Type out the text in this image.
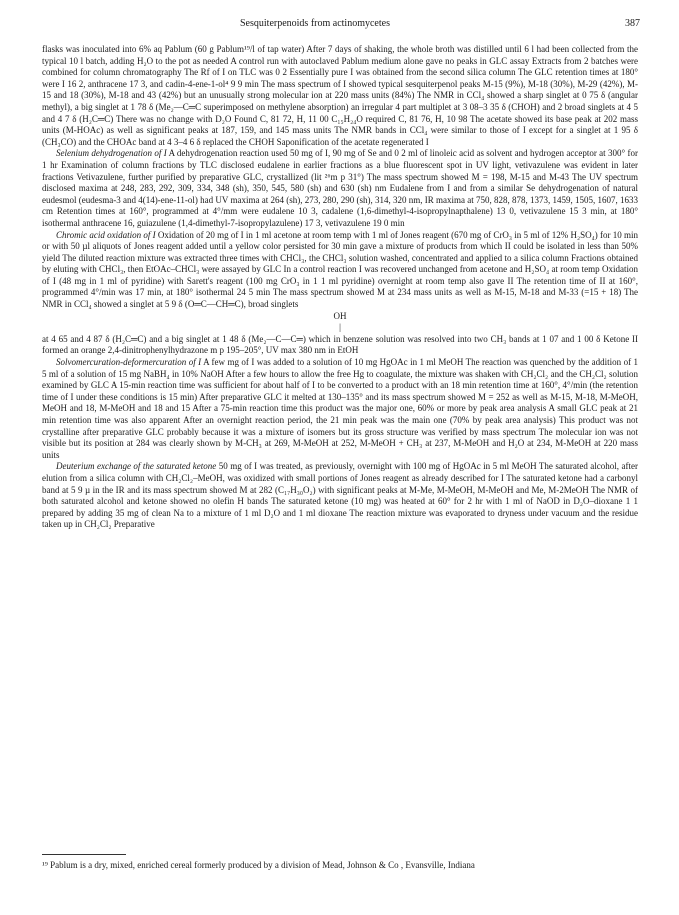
Sesquiterpenoids from actinomycetes	387

flasks was inoculated into 6% aq Pablum (60 g Pablum¹⁹/l of tap water) After 7 days of shaking, the whole broth was distilled until 6 l had been collected from the typical 10 l batch, adding H₂O to the pot as needed A control run with autoclaved Pablum medium alone gave no peaks in GLC assay Extracts from 2 batches were combined for column chromatography The Rf of I on TLC was 0 2 Essentially pure I was obtained from the second silica column The GLC retention times at 180° were I 16 2, anthracene 17 3, and cadin-4-ene-1-ol⁴ 9 9 min The mass spectrum of I showed typical sesquiterpenol peaks M-15 (9%), M-18 (30%), M-29 (42%), M-15 and 18 (30%), M-18 and 43 (42%) but an unusually strong molecular ion at 220 mass units (84%) The NMR in CCl₄ showed a sharp singlet at 0 75 δ (angular methyl), a big singlet at 1 78 δ (Me₂—C═C superimposed on methylene absorption) an irregular 4 part multiplet at 3 08–3 35 δ (CHOH) and 2 broad singlets at 4 5 and 4 7 δ (H₂C═C) There was no change with D₂O Found C, 81 72, H, 11 00 C₁₅H₂₄O required C, 81 76, H, 10 98 The acetate showed its base peak at 202 mass units (M-HOAc) as well as significant peaks at 187, 159, and 145 mass units The NMR bands in CCl₄ were similar to those of I except for a singlet at 1 95 δ (CH₃CO) and the CHOAc band at 4 3–4 6 δ replaced the CHOH Saponification of the acetate regenerated I

Selenium dehydrogenation of I A dehydrogenation reaction used 50 mg of I, 90 mg of Se and 0 2 ml of linoleic acid as solvent and hydrogen acceptor at 300° for 1 hr Examination of column fractions by TLC disclosed eudalene in earlier fractions as a blue fluorescent spot in UV light, vetivazulene was evident in later fractions Vetivazulene, further purified by preparative GLC, crystallized (lit ²⁶m p 31°) The mass spectrum showed M = 198, M-15 and M-43 The UV spectrum disclosed maxima at 248, 283, 292, 309, 334, 348 (sh), 350, 545, 580 (sh) and 630 (sh) nm Eudalene from I and from a similar Se dehydrogenation of natural eudesmol (eudesma-3 and 4(14)-ene-11-ol) had UV maxima at 264 (sh), 273, 280, 290 (sh), 314, 320 nm, IR maxima at 750, 828, 878, 1373, 1459, 1505, 1607, 1633 cm Retention times at 160°, programmed at 4°/mm were eudalene 10 3, cadalene (1,6-dimethyl-4-isopropylnapthalene) 13 0, vetivazulene 15 3 min, at 180° isothermal anthracene 16, guiazulene (1,4-dimethyl-7-isopropylazulene) 17 3, vetivazulene 19 0 min

Chromic acid oxidation of I Oxidation of 20 mg of I in 1 ml acetone at room temp with 1 ml of Jones reagent (670 mg of CrO₃ in 5 ml of 12% H₂SO₄) for 10 min or with 50 µl aliquots of Jones reagent added until a yellow color persisted for 30 min gave a mixture of products from which II could be isolated in less than 50% yield The diluted reaction mixture was extracted three times with CHCl₃, the CHCl₃ solution washed, concentrated and applied to a silica column Fractions obtained by eluting with CHCl₃, then EtOAc–CHCl₃ were assayed by GLC In a control reaction I was recovered unchanged from acetone and H₂SO₄ at room temp Oxidation of I (48 mg in 1 ml of pyridine) with Sarett's reagent (100 mg CrO₃ in 1 1 ml pyridine) overnight at room temp also gave II The retention time of II at 160°, programmed 4°/min was 17 min, at 180° isothermal 24 5 min The mass spectrum showed M at 234 mass units as well as M-15, M-18 and M-33 (=15 + 18) The NMR in CCl₄ showed a singlet at 5 9 δ (O═C—CH═C), broad singlets

OH

|

at 4 65 and 4 87 δ (H₂C═C) and a big singlet at 1 48 δ (Me₂—C—C═) which in benzene solution was resolved into two CH₃ bands at 1 07 and 1 00 δ Ketone II formed an orange 2,4-dinitrophenylhydrazone m p 195–205°, UV max 380 nm in EtOH

Solvomercuration-deformercuration of I A few mg of I was added to a solution of 10 mg HgOAc in 1 ml MeOH The reaction was quenched by the addition of 1 5 ml of a solution of 15 mg NaBH₄ in 10% NaOH After a few hours to allow the free Hg to coagulate, the mixture was shaken with CH₂Cl₂ and the CH₂Cl₂ solution examined by GLC A 15-min reaction time was sufficient for about half of I to be converted to a product with an 18 min retention time at 160°, 4°/min (the retention time of I under these conditions is 15 min) After preparative GLC it melted at 130–135° and its mass spectrum showed M = 252 as well as M-15, M-18, M-MeOH, MeOH and 18, M-MeOH and 18 and 15 After a 75-min reaction time this product was the major one, 60% or more by peak area analysis A small GLC peak at 21 min retention time was also apparent After an overnight reaction period, the 21 min peak was the main one (70% by peak area analysis) This product was not crystalline after preparative GLC probably because it was a mixture of isomers but its gross structure was verified by mass spectrum The molecular ion was not visible but its position at 284 was clearly shown by M-CH₃ at 269, M-MeOH at 252, M-MeOH + CH₃ at 237, M-MeOH and H₂O at 234, M-MeOH at 220 mass units

Deuterium exchange of the saturated ketone 50 mg of I was treated, as previously, overnight with 100 mg of HgOAc in 5 ml MeOH The saturated alcohol, after elution from a silica column with CH₂Cl₂–MeOH, was oxidized with small portions of Jones reagent as already described for I The saturated ketone had a carbonyl band at 5 9 µ in the IR and its mass spectrum showed M at 282 (C₁₇H₃₀O₂) with significant peaks at M-Me, M-MeOH, M-MeOH and Me, M-2MeOH The NMR of both saturated alcohol and ketone showed no olefin H bands The saturated ketone (10 mg) was heated at 60° for 2 hr with 1 ml of NaOD in D₂O–dioxane 1 1 prepared by adding 35 mg of clean Na to a mixture of 1 ml D₂O and 1 ml dioxane The reaction mixture was evaporated to dryness under vacuum and the residue taken up in CH₂Cl₂ Preparative

¹⁹ Pablum is a dry, mixed, enriched cereal formerly produced by a division of Mead, Johnson & Co , Evansville, Indiana
